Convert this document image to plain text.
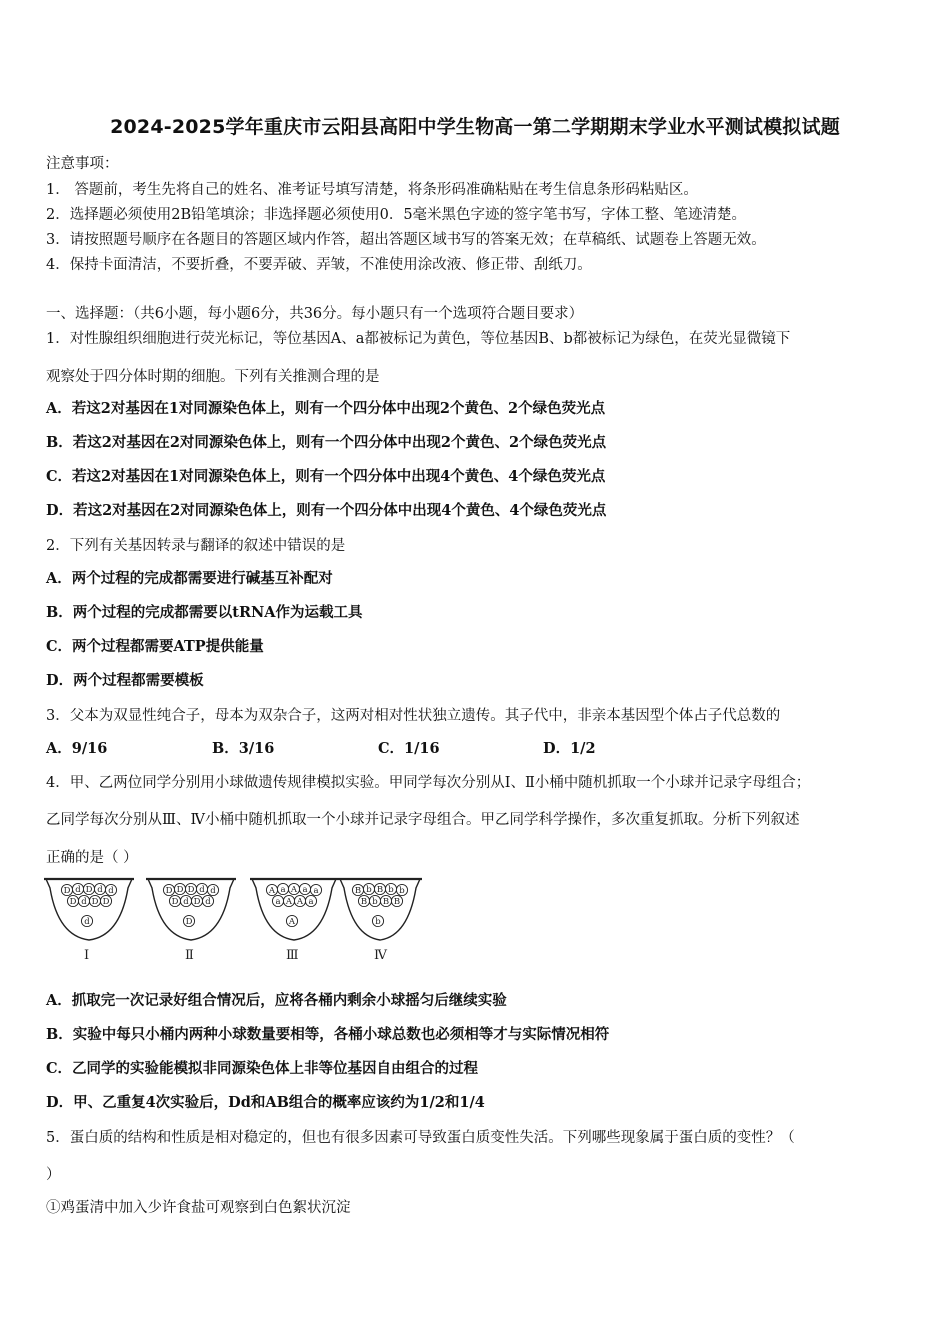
2024-2025学年重庆市云阳县高阳中学生物高一第二学期期末学业水平测试模拟试题
注意事项：
1． 答题前，考生先将自己的姓名、准考证号填写清楚，将条形码准确粘贴在考生信息条形码粘贴区。
2．选择题必须使用2B铅笔填涂；非选择题必须使用0．5毫米黑色字迹的签字笔书写，字体工整、笔迹清楚。
3．请按照题号顺序在各题目的答题区域内作答，超出答题区域书写的答案无效；在草稿纸、试题卷上答题无效。
4．保持卡面清洁，不要折叠，不要弄破、弄皱，不准使用涂改液、修正带、刮纸刀。
一、选择题：（共6小题，每小题6分，共36分。每小题只有一个选项符合题目要求）
1．对性腺组织细胞进行荧光标记，等位基因A、a都被标记为黄色，等位基因B、b都被标记为绿色，在荧光显微镜下
观察处于四分体时期的细胞。下列有关推测合理的是
A．若这2对基因在1对同源染色体上，则有一个四分体中出现2个黄色、2个绿色荧光点
B．若这2对基因在2对同源染色体上，则有一个四分体中出现2个黄色、2个绿色荧光点
C．若这2对基因在1对同源染色体上，则有一个四分体中出现4个黄色、4个绿色荧光点
D．若这2对基因在2对同源染色体上，则有一个四分体中出现4个黄色、4个绿色荧光点
2．下列有关基因转录与翻译的叙述中错误的是
A．两个过程的完成都需要进行碱基互补配对
B．两个过程的完成都需要以tRNA作为运载工具
C．两个过程都需要ATP提供能量
D．两个过程都需要模板
3．父本为双显性纯合子，母本为双杂合子，这两对相对性状独立遗传。其子代中，非亲本基因型个体占子代总数的
A．9/16	B．3/16	C．1/16	D．1/2
4．甲、乙两位同学分别用小球做遗传规律模拟实验。甲同学每次分别从Ⅰ、Ⅱ小桶中随机抓取一个小球并记录字母组合；
乙同学每次分别从Ⅲ、Ⅳ小桶中随机抓取一个小球并记录字母组合。甲乙同学科学操作，多次重复抓取。分析下列叙述
正确的是（ ）
D d D d d
D d D D
d
Ⅰ
D D D d d
D d D d
D
Ⅱ
A a A a a
a A A a
A
Ⅲ
B b B b b
B b B B
b
Ⅳ
A．抓取完一次记录好组合情况后，应将各桶内剩余小球摇匀后继续实验
B．实验中每只小桶内两种小球数量要相等，各桶小球总数也必须相等才与实际情况相符
C．乙同学的实验能模拟非同源染色体上非等位基因自由组合的过程
D．甲、乙重复4次实验后，Dd和AB组合的概率应该约为1/2和1/4
5．蛋白质的结构和性质是相对稳定的，但也有很多因素可导致蛋白质变性失活。下列哪些现象属于蛋白质的变性？（
）
①鸡蛋清中加入少许食盐可观察到白色絮状沉淀
